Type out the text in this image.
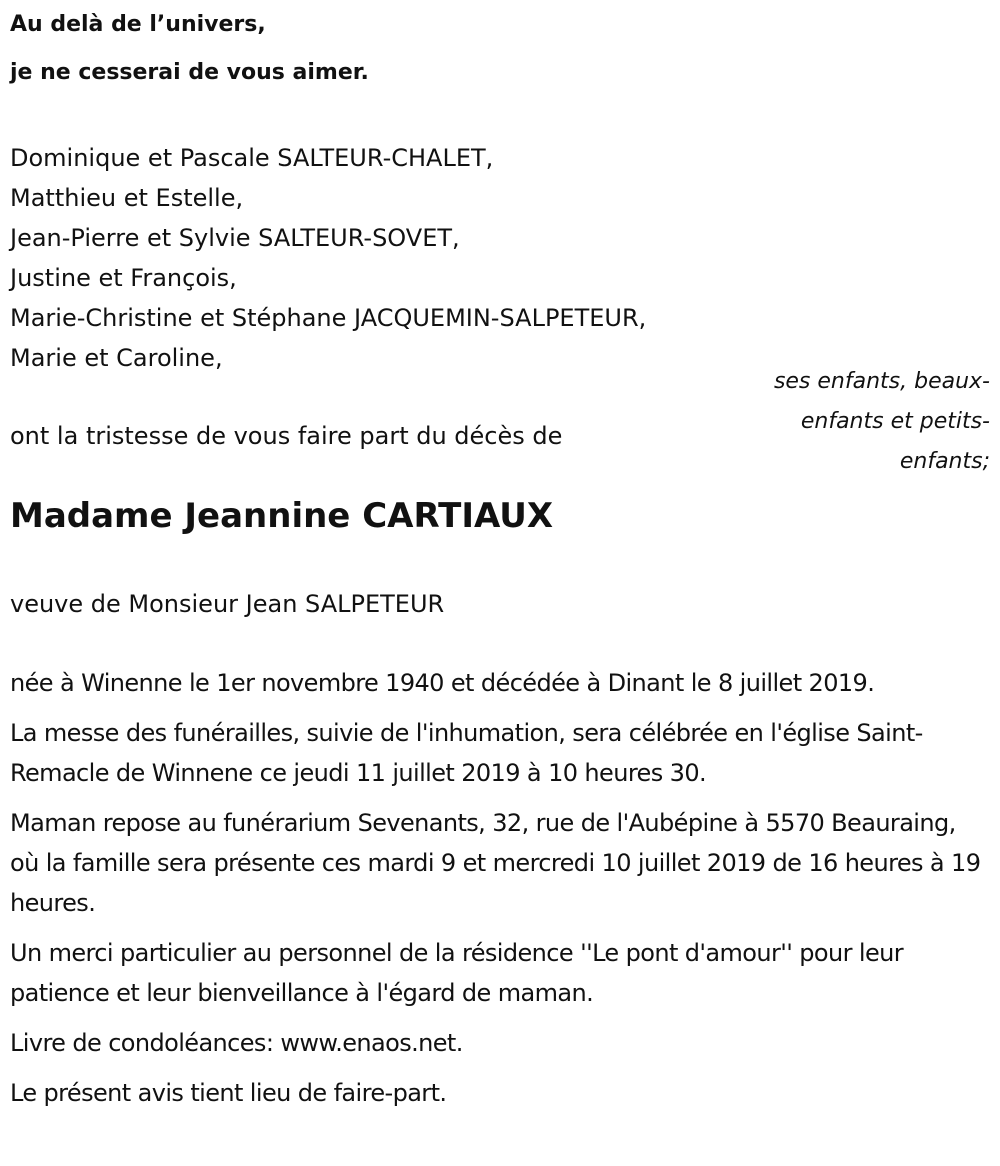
Au delà de l’univers,

je ne cesserai de vous aimer.

Dominique et Pascale SALTEUR-CHALET,
Matthieu et Estelle,
Jean-Pierre et Sylvie SALTEUR-SOVET,
Justine et François,
Marie-Christine et Stéphane JACQUEMIN-SALPETEUR,
Marie et Caroline,
ses enfants, beaux-
enfants et petits-
enfants;

ont la tristesse de vous faire part du décès de

Madame Jeannine CARTIAUX

veuve de Monsieur Jean SALPETEUR

née à Winenne le 1er novembre 1940 et décédée à Dinant le 8 juillet 2019.

La messe des funérailles, suivie de l'inhumation, sera célébrée en l'église Saint-Remacle de Winnene ce jeudi 11 juillet 2019 à 10 heures 30.

Maman repose au funérarium Sevenants, 32, rue de l'Aubépine à 5570 Beauraing, où la famille sera présente ces mardi 9 et mercredi 10 juillet 2019 de 16 heures à 19 heures.

Un merci particulier au personnel de la résidence ''Le pont d'amour'' pour leur patience et leur bienveillance à l'égard de maman.

Livre de condoléances: www.enaos.net.

Le présent avis tient lieu de faire-part.
